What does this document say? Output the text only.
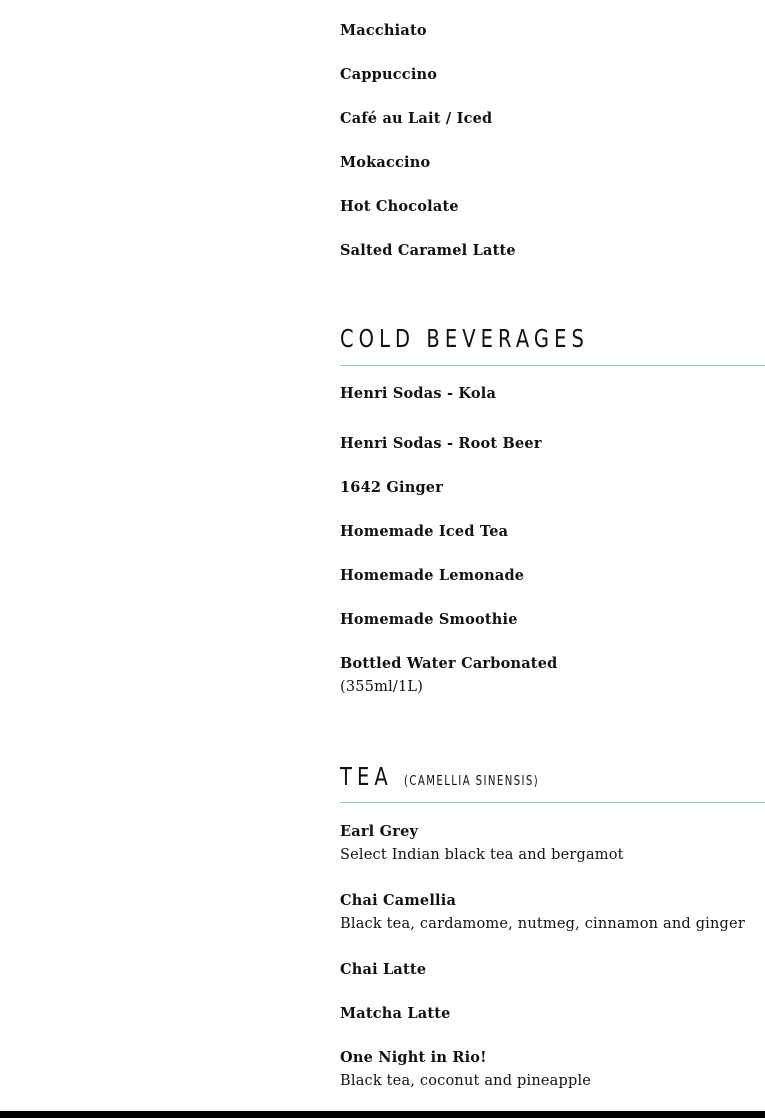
Macchiato
Cappuccino
Café au Lait / Iced
Mokaccino
Hot Chocolate
Salted Caramel Latte
COLD BEVERAGES
Henri Sodas - Kola
Henri Sodas - Root Beer
1642 Ginger
Homemade Iced Tea
Homemade Lemonade
Homemade Smoothie
Bottled Water Carbonated
(355ml/1L)
TEA (CAMELLIA SINENSIS)
Earl Grey
Select Indian black tea and bergamot
Chai Camellia
Black tea, cardamome, nutmeg, cinnamon and ginger
Chai Latte
Matcha Latte
One Night in Rio!
Black tea, coconut and pineapple
